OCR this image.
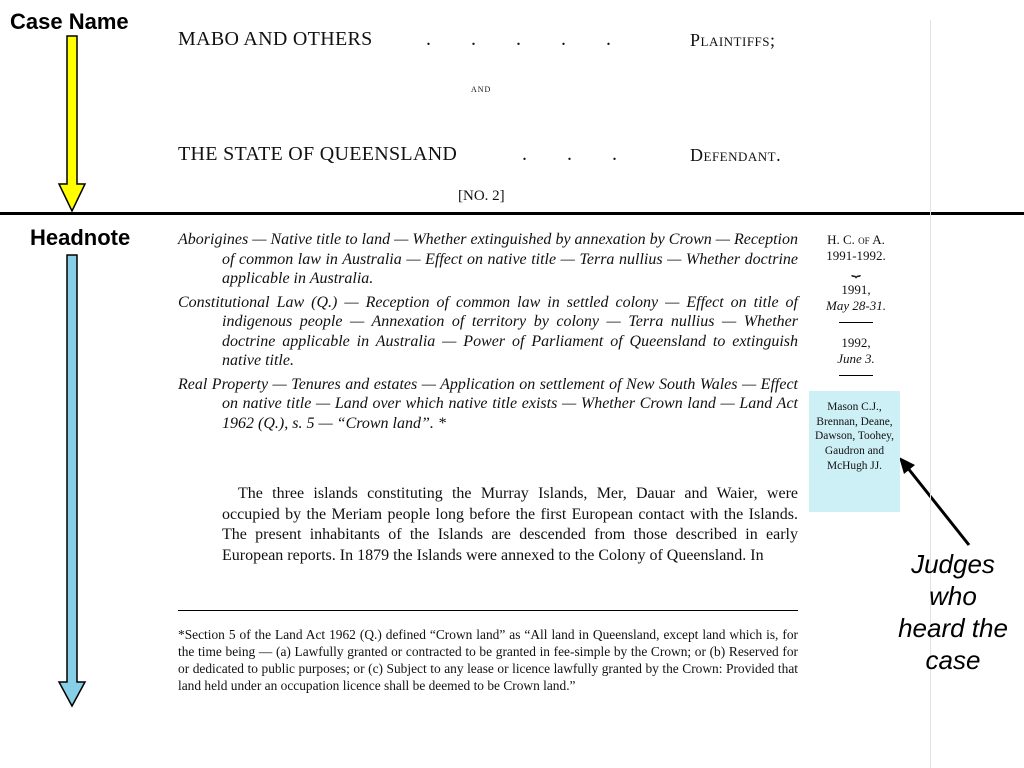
Case Name
Headnote
MABO AND OTHERS	..... Plaintiffs;
and
THE STATE OF QUEENSLAND	... Defendant.
[NO. 2]

Aborigines — Native title to land — Whether extinguished by annexation by Crown — Reception of common law in Australia — Effect on native title — Terra nullius — Whether doctrine applicable in Australia.

Constitutional Law (Q.) — Reception of common law in settled colony — Effect on title of indigenous people — Annexation of territory by colony — Terra nullius — Whether doctrine applicable in Australia — Power of Parliament of Queensland to extinguish native title.

Real Property — Tenures and estates — Application on settlement of New South Wales — Effect on native title — Land over which native title exists — Whether Crown land — Land Act 1962 (Q.), s. 5 — “Crown land”. *

The three islands constituting the Murray Islands, Mer, Dauar and Waier, were occupied by the Meriam people long before the first European contact with the Islands. The present inhabitants of the Islands are descended from those described in early European reports. In 1879 the Islands were annexed to the Colony of Queensland. In

*Section 5 of the Land Act 1962 (Q.) defined “Crown land” as “All land in Queensland, except land which is, for the time being — (a) Lawfully granted or contracted to be granted in fee-simple by the Crown; or (b) Reserved for or dedicated to public purposes; or (c) Subject to any lease or licence lawfully granted by the Crown: Provided that land held under an occupation licence shall be deemed to be Crown land.”

H. C. of A.
1991-1992.
⏟
1991,
May 28-31.
1992,
June 3.
Mason C.J., Brennan, Deane, Dawson, Toohey, Gaudron and McHugh JJ.
Judges who heard the case
